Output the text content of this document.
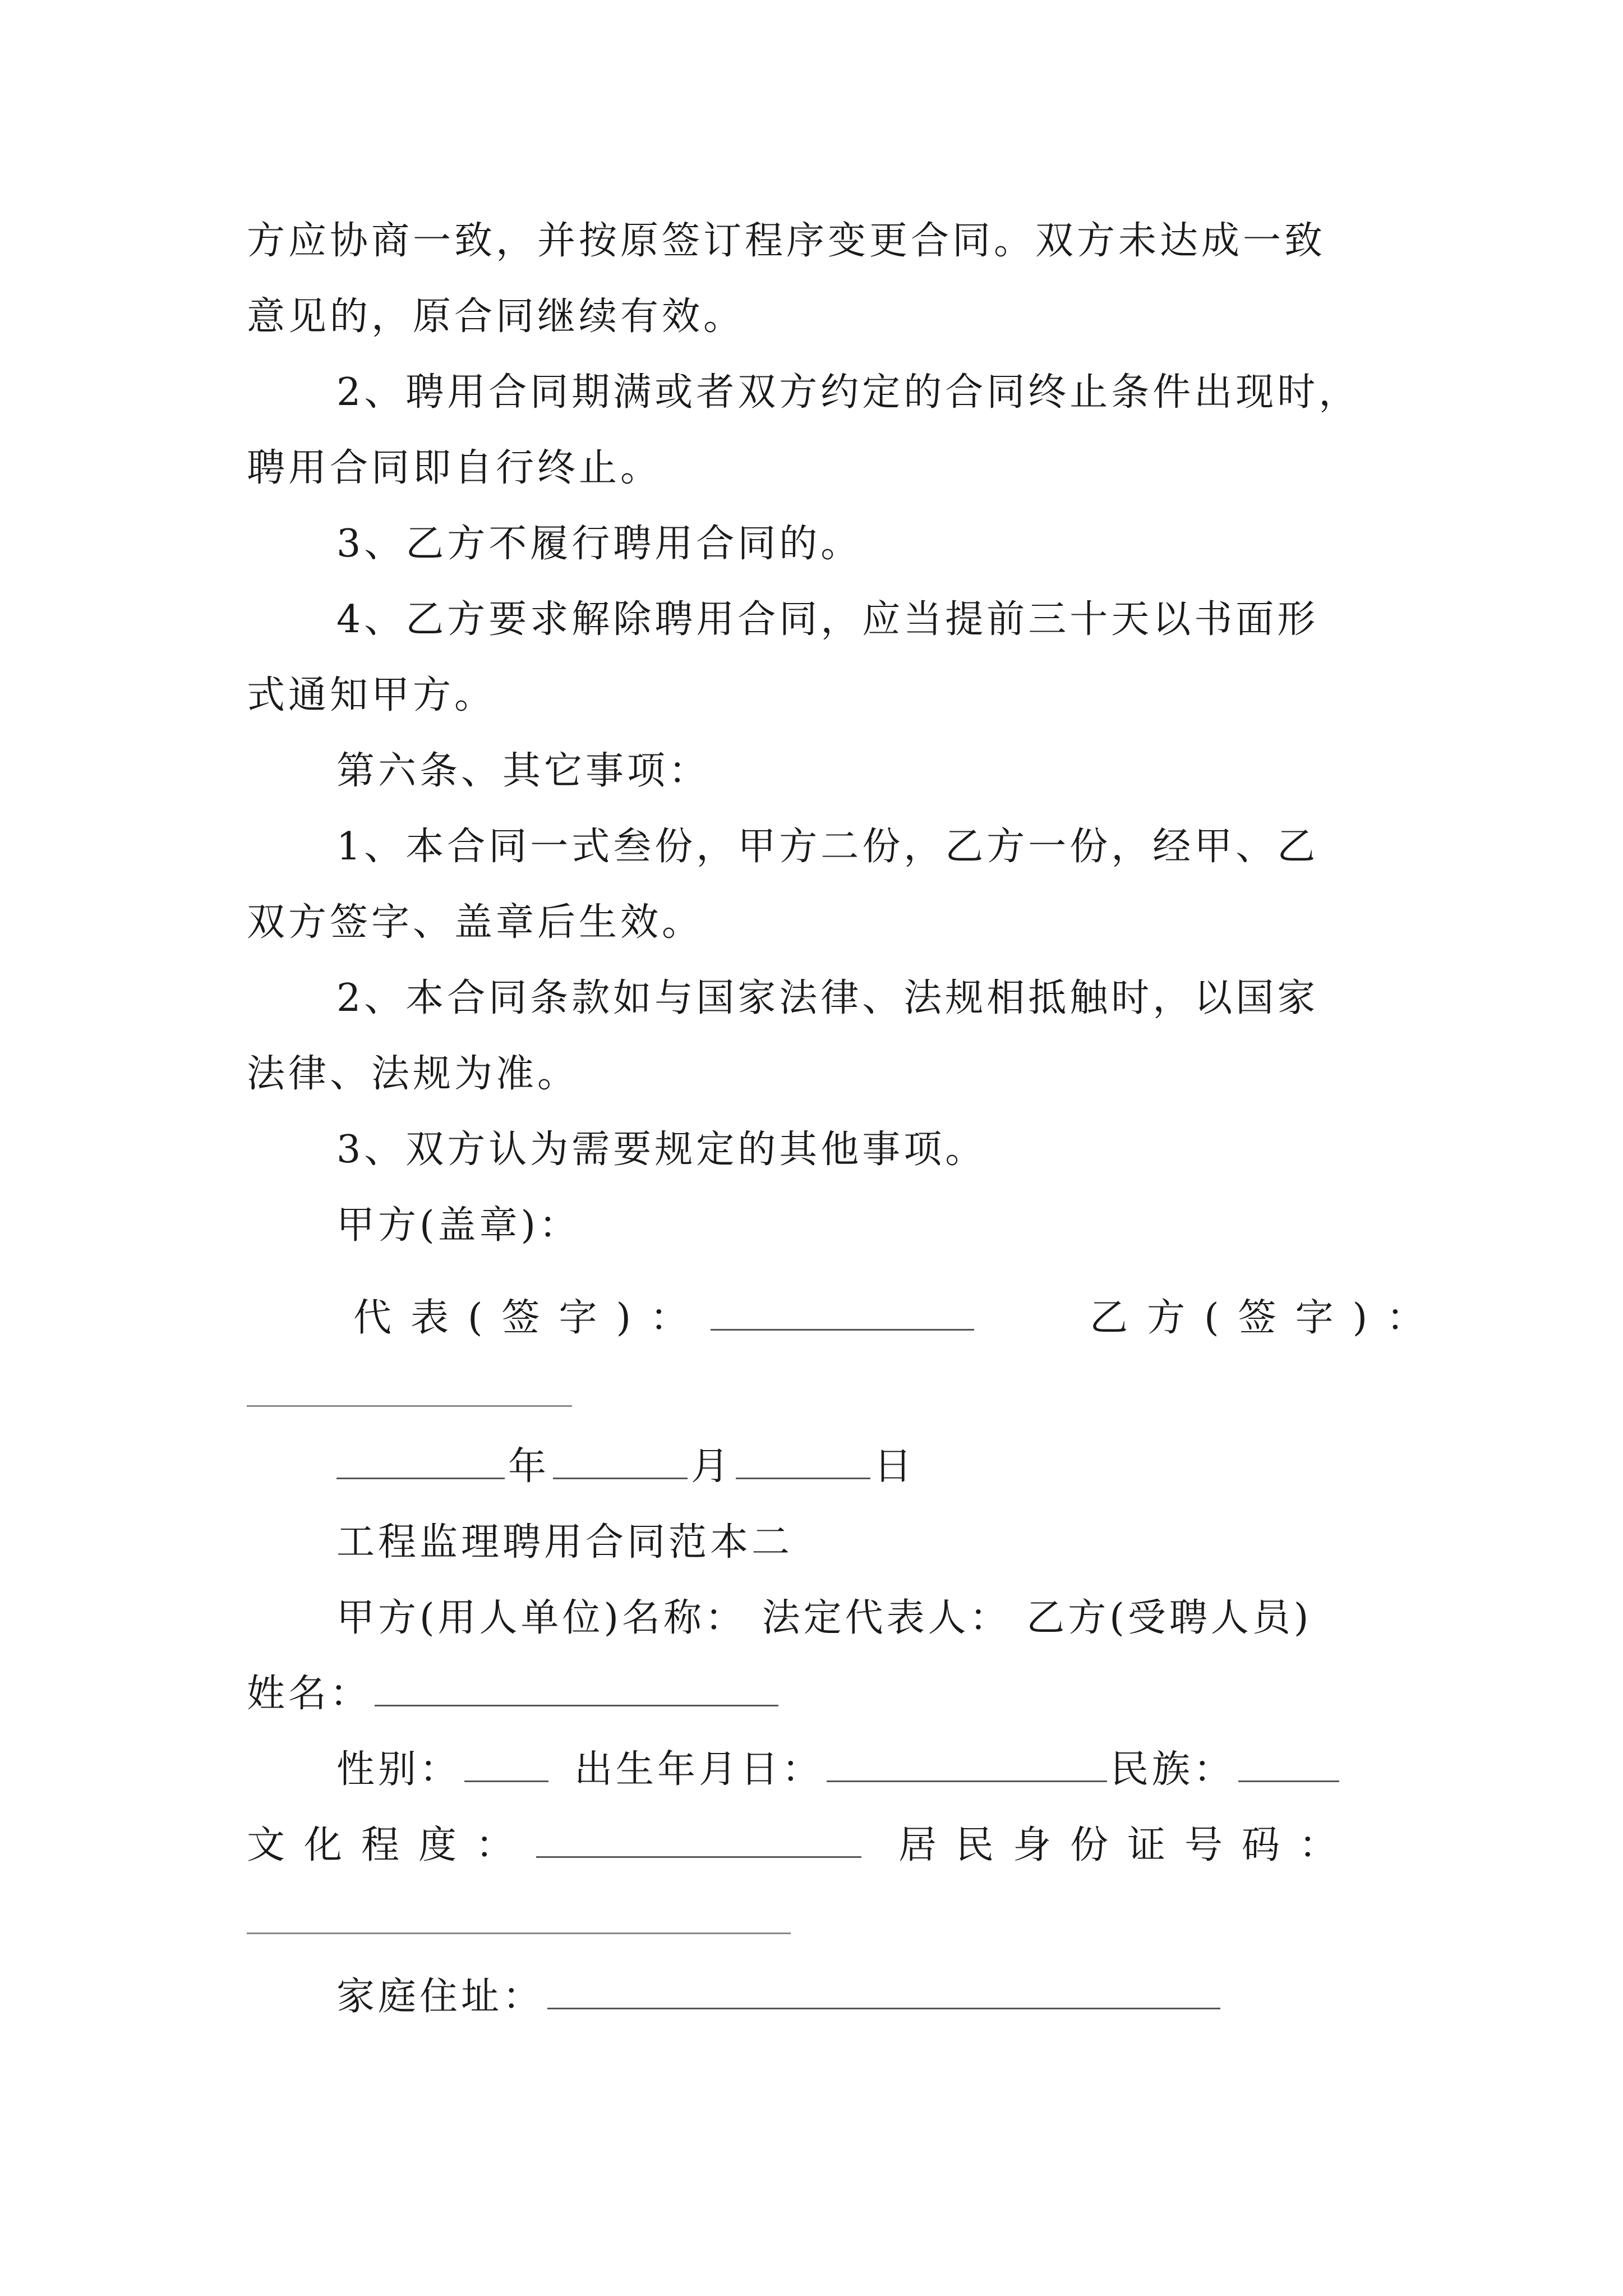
方应协商一致，并按原签订程序变更合同。双方未达成一致
意见的，原合同继续有效。
2、聘用合同期满或者双方约定的合同终止条件出现时，
聘用合同即自行终止。
3、乙方不履行聘用合同的。
4、乙方要求解除聘用合同，应当提前三十天以书面形
式通知甲方。
第六条、其它事项：
1、本合同一式叁份，甲方二份，乙方一份，经甲、乙
双方签字、盖章后生效。
2、本合同条款如与国家法律、法规相抵触时，以国家
法律、法规为准。
3、双方认为需要规定的其他事项。
甲方(盖章)：
代表(签字)：	乙方(签字)：
年	月	日
工程监理聘用合同范本二
甲方(用人单位)名称： 法定代表人： 乙方(受聘人员)
姓名：
性别：	出生年月日：	民族：
文化程度：	居民身份证号码：
家庭住址：
